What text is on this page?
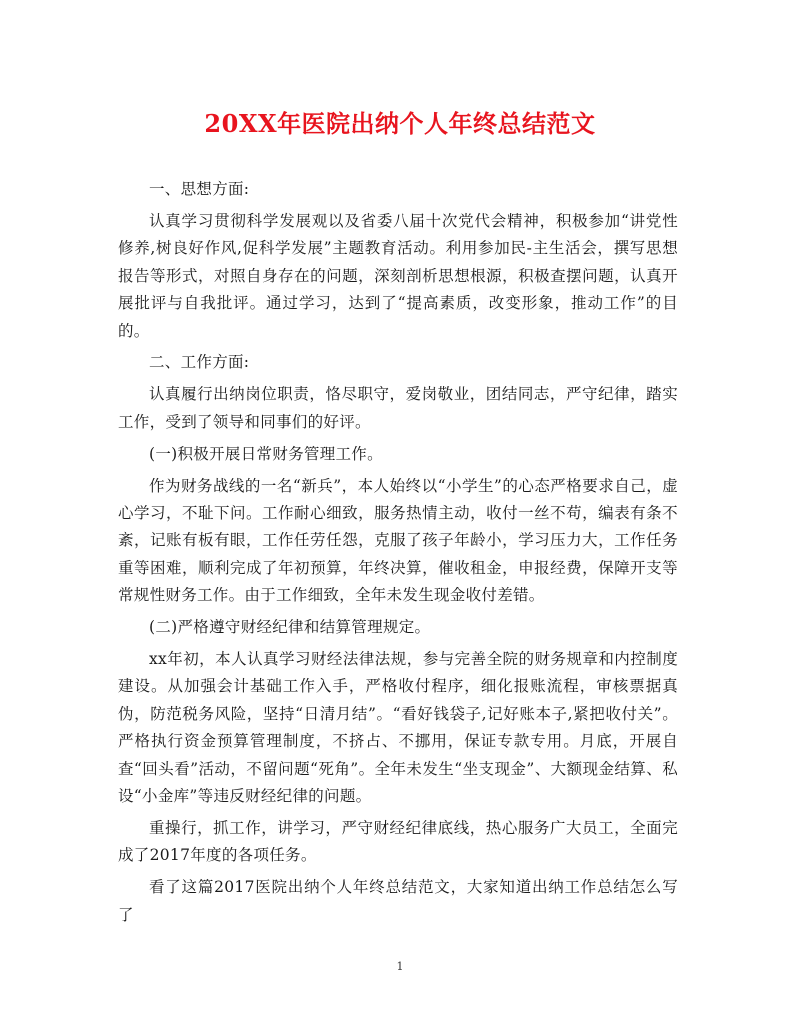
20XX年医院出纳个人年终总结范文

一、思想方面:

认真学习贯彻科学发展观以及省委八届十次党代会精神，积极参加“讲党性修养,树良好作风,促科学发展”主题教育活动。利用参加民-主生活会，撰写思想报告等形式，对照自身存在的问题，深刻剖析思想根源，积极查摆问题，认真开展批评与自我批评。通过学习，达到了“提高素质，改变形象，推动工作”的目的。

二、工作方面:

认真履行出纳岗位职责，恪尽职守，爱岗敬业，团结同志，严守纪律，踏实工作，受到了领导和同事们的好评。

(一)积极开展日常财务管理工作。

作为财务战线的一名“新兵”，本人始终以“小学生”的心态严格要求自己，虚心学习，不耻下问。工作耐心细致，服务热情主动，收付一丝不苟，编表有条不紊，记账有板有眼，工作任劳任怨，克服了孩子年龄小，学习压力大，工作任务重等困难，顺利完成了年初预算，年终决算，催收租金，申报经费，保障开支等常规性财务工作。由于工作细致，全年未发生现金收付差错。

(二)严格遵守财经纪律和结算管理规定。

xx年初，本人认真学习财经法律法规，参与完善全院的财务规章和内控制度建设。从加强会计基础工作入手，严格收付程序，细化报账流程，审核票据真伪，防范税务风险，坚持“日清月结”。“看好钱袋子,记好账本子,紧把收付关”。严格执行资金预算管理制度，不挤占、不挪用，保证专款专用。月底，开展自查“回头看”活动，不留问题“死角”。全年未发生“坐支现金”、大额现金结算、私设“小金库”等违反财经纪律的问题。

重操行，抓工作，讲学习，严守财经纪律底线，热心服务广大员工，全面完成了2017年度的各项任务。

看了这篇2017医院出纳个人年终总结范文，大家知道出纳工作总结怎么写了

1
